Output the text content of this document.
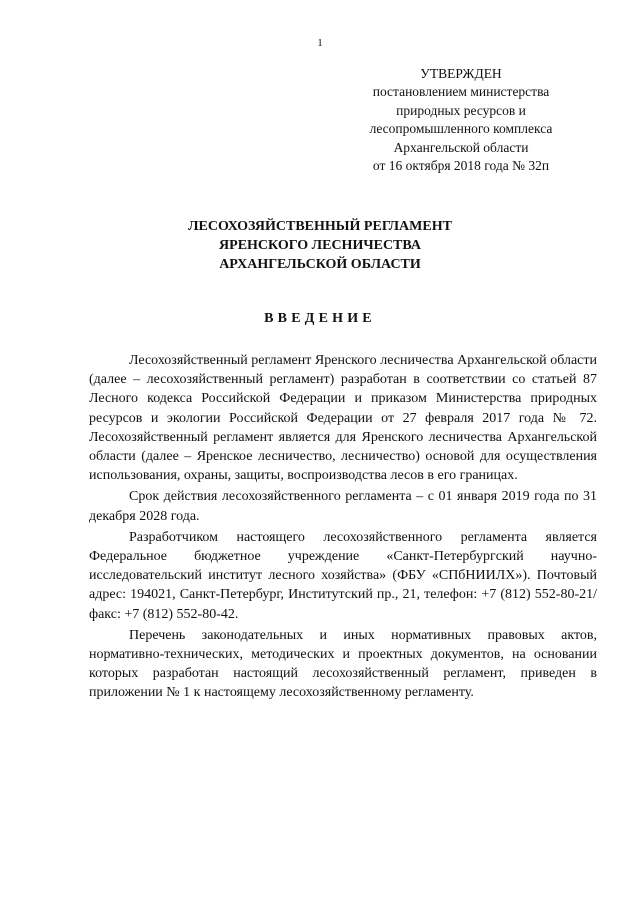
1
УТВЕРЖДЕН
постановлением министерства
природных ресурсов и
лесопромышленного комплекса
Архангельской области
от 16 октября 2018 года № 32п
ЛЕСОХОЗЯЙСТВЕННЫЙ РЕГЛАМЕНТ
ЯРЕНСКОГО ЛЕСНИЧЕСТВА
АРХАНГЕЛЬСКОЙ ОБЛАСТИ
ВВЕДЕНИЕ

Лесохозяйственный регламент Яренского лесничества Архангельской области (далее – лесохозяйственный регламент) разработан в соответствии со статьей 87 Лесного кодекса Российской Федерации и приказом Министерства природных ресурсов и экологии Российской Федерации от 27 февраля 2017 года № 72. Лесохозяйственный регламент является для Яренского лесничества Архангельской области (далее – Яренское лесничество, лесничество) основой для осуществления использования, охраны, защиты, воспроизводства лесов в его границах.

Срок действия лесохозяйственного регламента – с 01 января 2019 года по 31 декабря 2028 года.

Разработчиком настоящего лесохозяйственного регламента является Федеральное бюджетное учреждение «Санкт-Петербургский научно-исследовательский институт лесного хозяйства» (ФБУ «СПбНИИЛХ»). Почтовый адрес: 194021, Санкт-Петербург, Институтский пр., 21, телефон: +7 (812) 552-80-21/ факс: +7 (812) 552-80-42.

Перечень законодательных и иных нормативных правовых актов, нормативно-технических, методических и проектных документов, на основании которых разработан настоящий лесохозяйственный регламент, приведен в приложении № 1 к настоящему лесохозяйственному регламенту.
